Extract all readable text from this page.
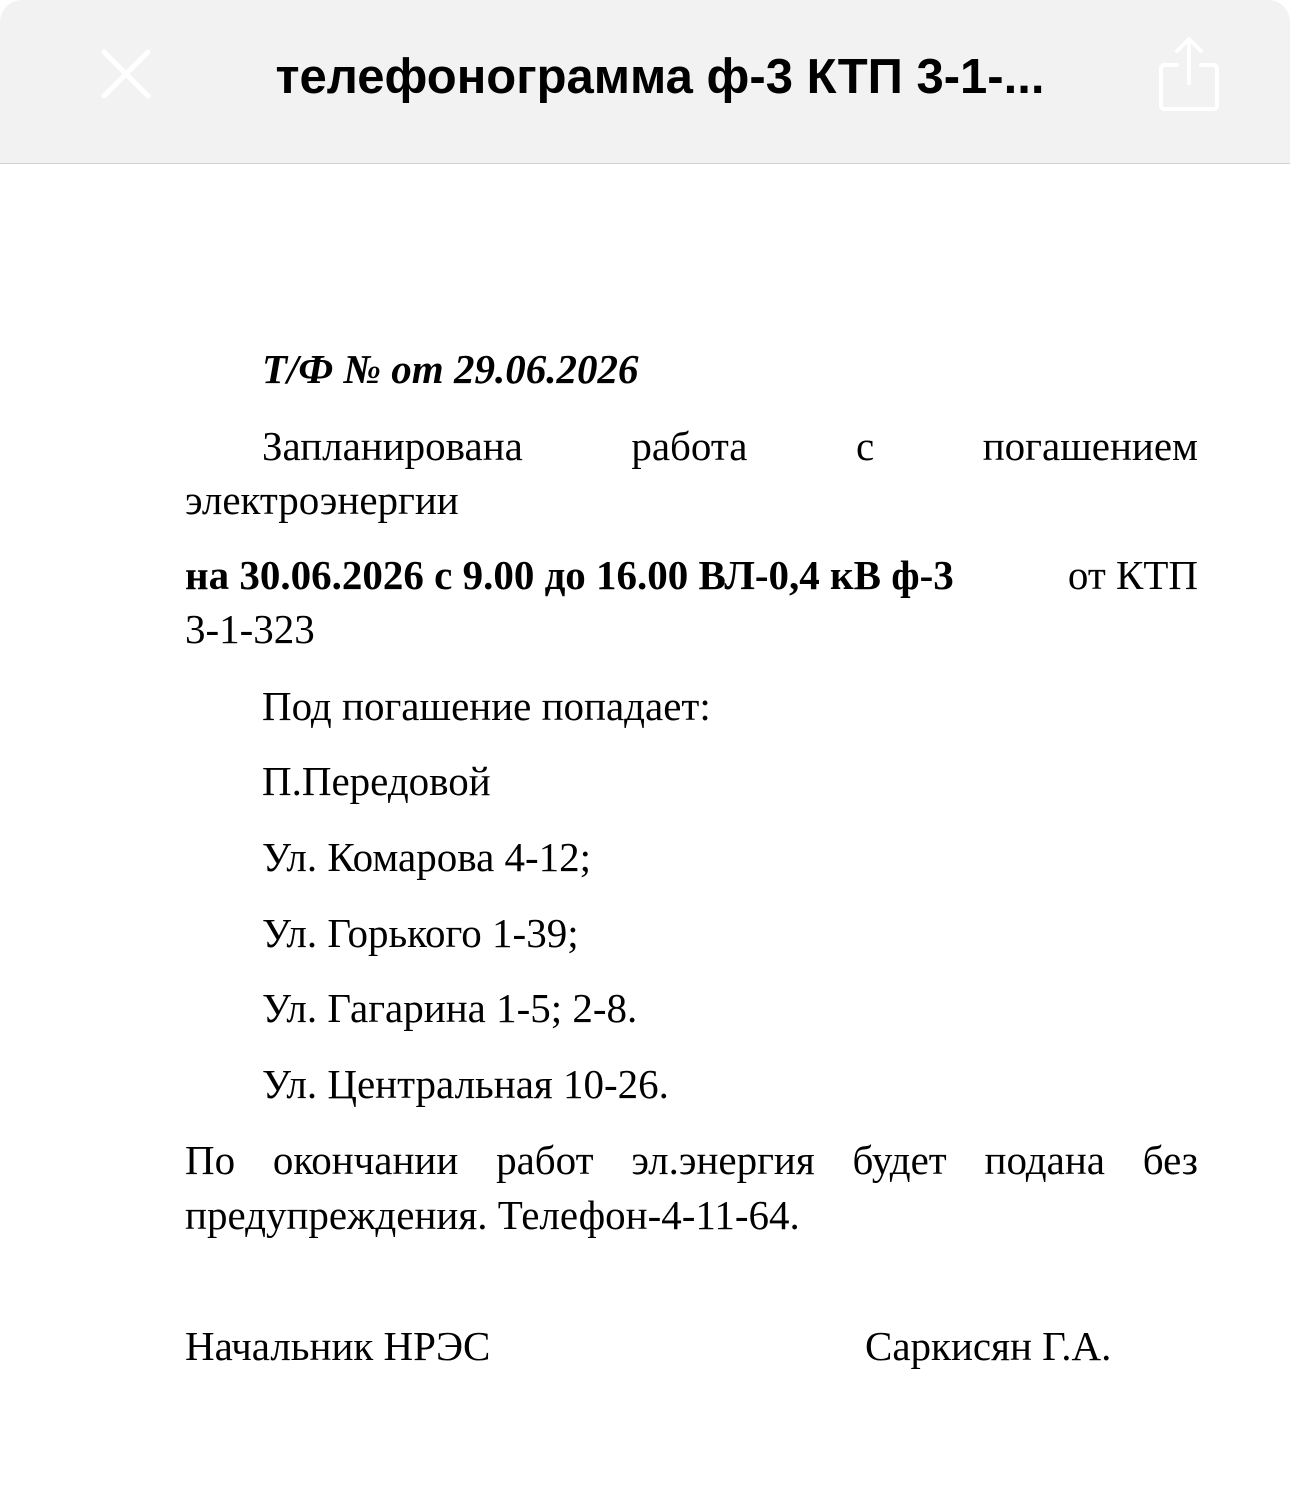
телефонограмма ф-3 КТП 3-1-...
Т/Ф № от 29.06.2026
Запланирована	работа	с	погашением
электроэнергии
на 30.06.2026 с 9.00 до 16.00 ВЛ-0,4 кВ ф-3	от КТП
3-1-323
Под погашение попадает:
П.Передовой
Ул. Комарова 4-12;
Ул. Горького 1-39;
Ул. Гагарина 1-5; 2-8.
Ул. Центральная 10-26.
По окончании работ эл.энергия будет подана без
предупреждения. Телефон-4-11-64.
Начальник НРЭС	Саркисян Г.А.
